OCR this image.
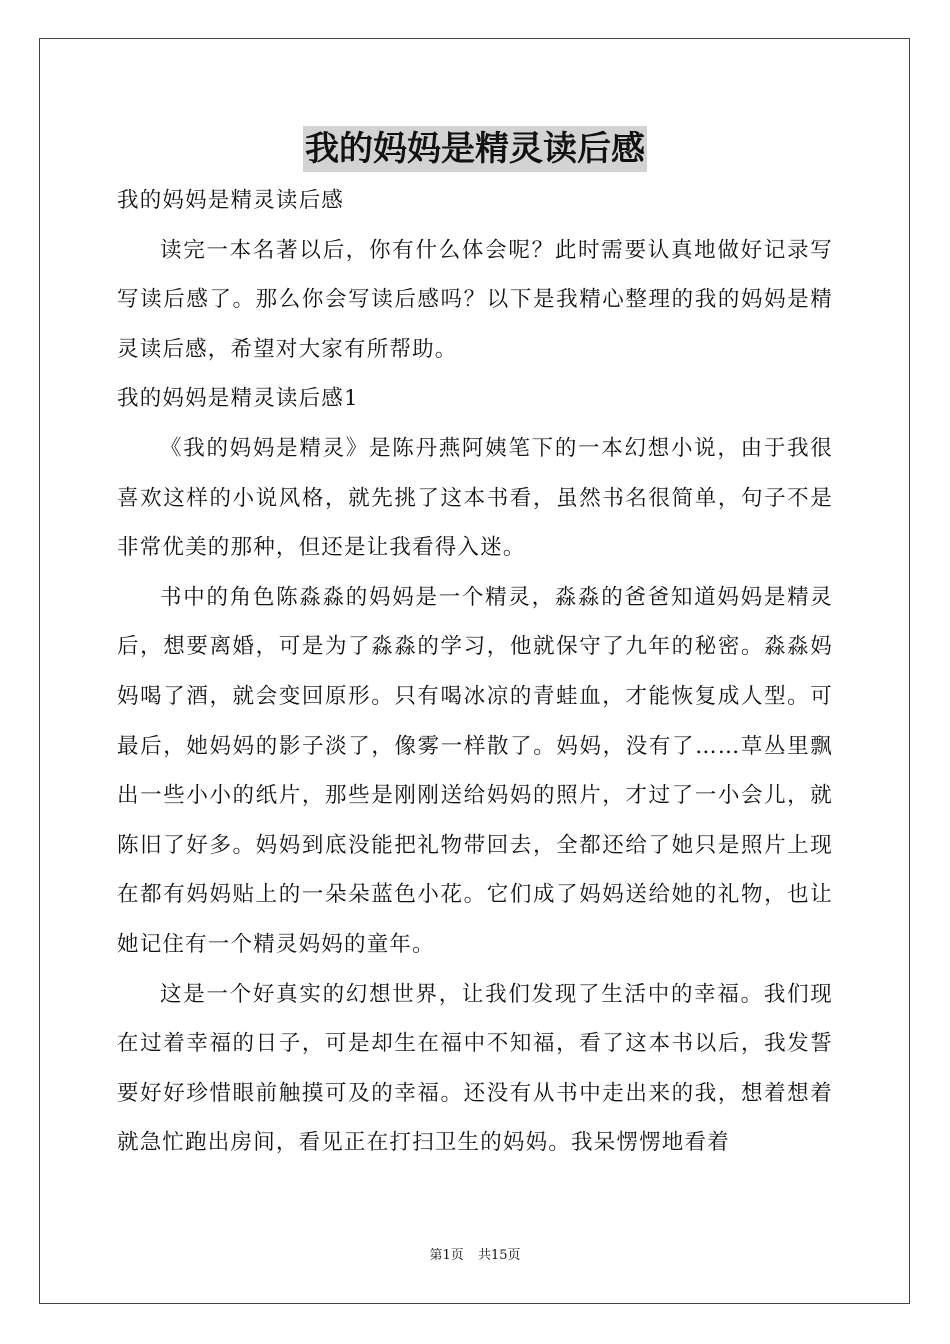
我的妈妈是精灵读后感

我的妈妈是精灵读后感

读完一本名著以后，你有什么体会呢？此时需要认真地做好记录写写读后感了。那么你会写读后感吗？以下是我精心整理的我的妈妈是精灵读后感，希望对大家有所帮助。

我的妈妈是精灵读后感1

《我的妈妈是精灵》是陈丹燕阿姨笔下的一本幻想小说，由于我很喜欢这样的小说风格，就先挑了这本书看，虽然书名很简单，句子不是非常优美的那种，但还是让我看得入迷。

书中的角色陈淼淼的妈妈是一个精灵，淼淼的爸爸知道妈妈是精灵后，想要离婚，可是为了淼淼的学习，他就保守了九年的秘密。淼淼妈妈喝了酒，就会变回原形。只有喝冰凉的青蛙血，才能恢复成人型。可最后，她妈妈的影子淡了，像雾一样散了。妈妈，没有了……草丛里飘出一些小小的纸片，那些是刚刚送给妈妈的照片，才过了一小会儿，就陈旧了好多。妈妈到底没能把礼物带回去，全都还给了她只是照片上现在都有妈妈贴上的一朵朵蓝色小花。它们成了妈妈送给她的礼物，也让她记住有一个精灵妈妈的童年。

这是一个好真实的幻想世界，让我们发现了生活中的幸福。我们现在过着幸福的日子，可是却生在福中不知福，看了这本书以后，我发誓要好好珍惜眼前触摸可及的幸福。还没有从书中走出来的我，想着想着就急忙跑出房间，看见正在打扫卫生的妈妈。我呆愣愣地看着

第1页 共15页
